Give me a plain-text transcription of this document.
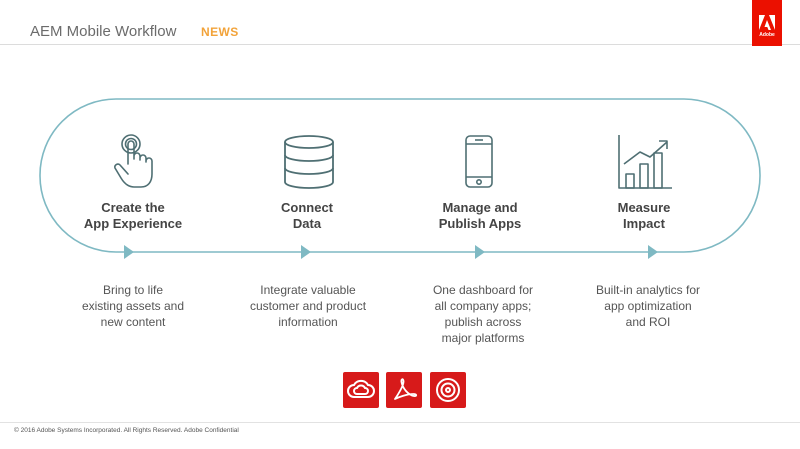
AEM Mobile Workflow NEWS	Adobe
Create the
App Experience
Bring to life
existing assets and
new content
Connect
Data
Integrate valuable
customer and product
information
Manage and
Publish Apps
One dashboard for
all company apps;
publish across
major platforms
Measure
Impact
Built-in analytics for
app optimization
and ROI
© 2016 Adobe Systems Incorporated. All Rights Reserved. Adobe Confidential
